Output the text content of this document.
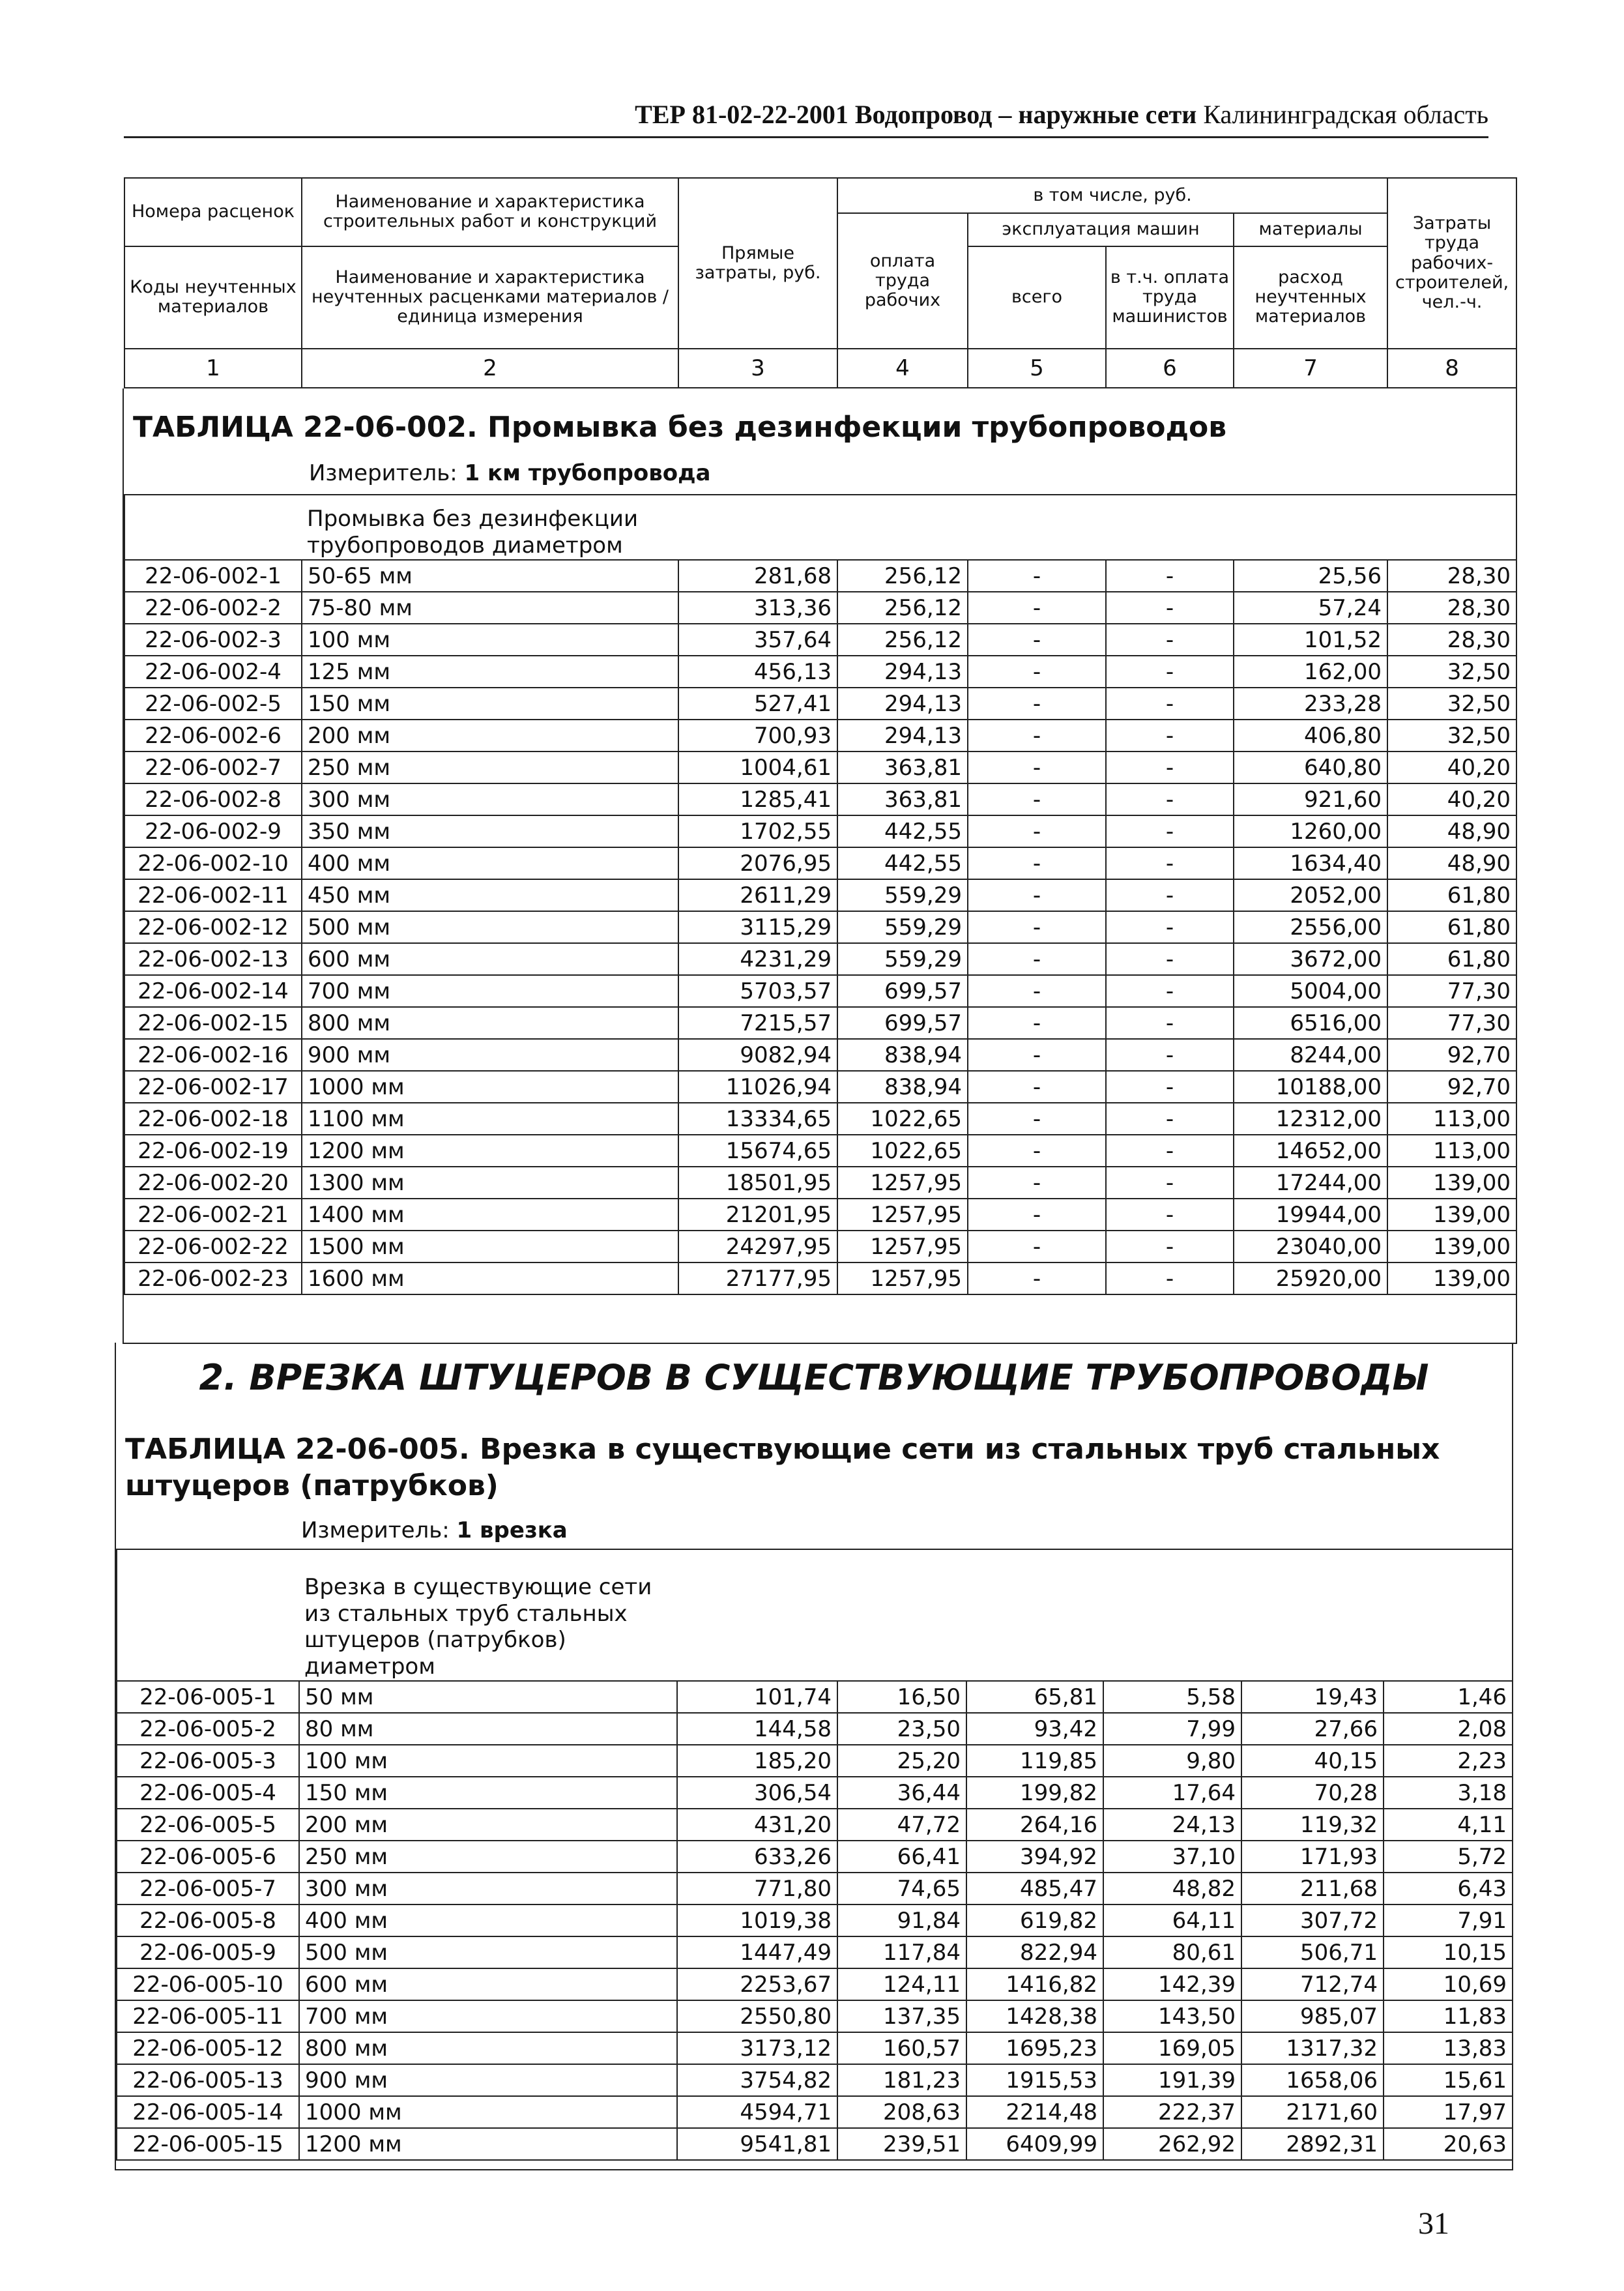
ТЕР 81-02-22-2001 Водопровод – наружные сети Калининградская область
Номера расценок	Наименование и характеристика строительных работ и конструкций	Прямые затраты, руб.	в том числе, руб.				Затраты труда рабочих-строителей, чел.-ч.
			оплата труда рабочих	эксплуатация машин		материалы	
Коды неучтенных материалов	Наименование и характеристика неучтенных расценками материалов / единица измерения			всего	в т.ч. оплата труда машинистов	расход неучтенных материалов	
1	2	3	4	5	6	7	8
ТАБЛИЦА 22-06-002. Промывка без дезинфекции трубопроводов
Измеритель: 1 км трубопровода
	Промывка без дезинфекции трубопроводов диаметром						
22-06-002-1	50-65 мм	281,68	256,12	-	-	25,56	28,30
22-06-002-2	75-80 мм	313,36	256,12	-	-	57,24	28,30
22-06-002-3	100 мм	357,64	256,12	-	-	101,52	28,30
22-06-002-4	125 мм	456,13	294,13	-	-	162,00	32,50
22-06-002-5	150 мм	527,41	294,13	-	-	233,28	32,50
22-06-002-6	200 мм	700,93	294,13	-	-	406,80	32,50
22-06-002-7	250 мм	1004,61	363,81	-	-	640,80	40,20
22-06-002-8	300 мм	1285,41	363,81	-	-	921,60	40,20
22-06-002-9	350 мм	1702,55	442,55	-	-	1260,00	48,90
22-06-002-10	400 мм	2076,95	442,55	-	-	1634,40	48,90
22-06-002-11	450 мм	2611,29	559,29	-	-	2052,00	61,80
22-06-002-12	500 мм	3115,29	559,29	-	-	2556,00	61,80
22-06-002-13	600 мм	4231,29	559,29	-	-	3672,00	61,80
22-06-002-14	700 мм	5703,57	699,57	-	-	5004,00	77,30
22-06-002-15	800 мм	7215,57	699,57	-	-	6516,00	77,30
22-06-002-16	900 мм	9082,94	838,94	-	-	8244,00	92,70
22-06-002-17	1000 мм	11026,94	838,94	-	-	10188,00	92,70
22-06-002-18	1100 мм	13334,65	1022,65	-	-	12312,00	113,00
22-06-002-19	1200 мм	15674,65	1022,65	-	-	14652,00	113,00
22-06-002-20	1300 мм	18501,95	1257,95	-	-	17244,00	139,00
22-06-002-21	1400 мм	21201,95	1257,95	-	-	19944,00	139,00
22-06-002-22	1500 мм	24297,95	1257,95	-	-	23040,00	139,00
22-06-002-23	1600 мм	27177,95	1257,95	-	-	25920,00	139,00
2. ВРЕЗКА ШТУЦЕРОВ В СУЩЕСТВУЮЩИЕ ТРУБОПРОВОДЫ
ТАБЛИЦА 22-06-005. Врезка в существующие сети из стальных труб стальных
штуцеров (патрубков)
Измеритель: 1 врезка
	Врезка в существующие сети из стальных труб стальных штуцеров (патрубков) диаметром						
22-06-005-1	50 мм	101,74	16,50	65,81	5,58	19,43	1,46
22-06-005-2	80 мм	144,58	23,50	93,42	7,99	27,66	2,08
22-06-005-3	100 мм	185,20	25,20	119,85	9,80	40,15	2,23
22-06-005-4	150 мм	306,54	36,44	199,82	17,64	70,28	3,18
22-06-005-5	200 мм	431,20	47,72	264,16	24,13	119,32	4,11
22-06-005-6	250 мм	633,26	66,41	394,92	37,10	171,93	5,72
22-06-005-7	300 мм	771,80	74,65	485,47	48,82	211,68	6,43
22-06-005-8	400 мм	1019,38	91,84	619,82	64,11	307,72	7,91
22-06-005-9	500 мм	1447,49	117,84	822,94	80,61	506,71	10,15
22-06-005-10	600 мм	2253,67	124,11	1416,82	142,39	712,74	10,69
22-06-005-11	700 мм	2550,80	137,35	1428,38	143,50	985,07	11,83
22-06-005-12	800 мм	3173,12	160,57	1695,23	169,05	1317,32	13,83
22-06-005-13	900 мм	3754,82	181,23	1915,53	191,39	1658,06	15,61
22-06-005-14	1000 мм	4594,71	208,63	2214,48	222,37	2171,60	17,97
22-06-005-15	1200 мм	9541,81	239,51	6409,99	262,92	2892,31	20,63
31
